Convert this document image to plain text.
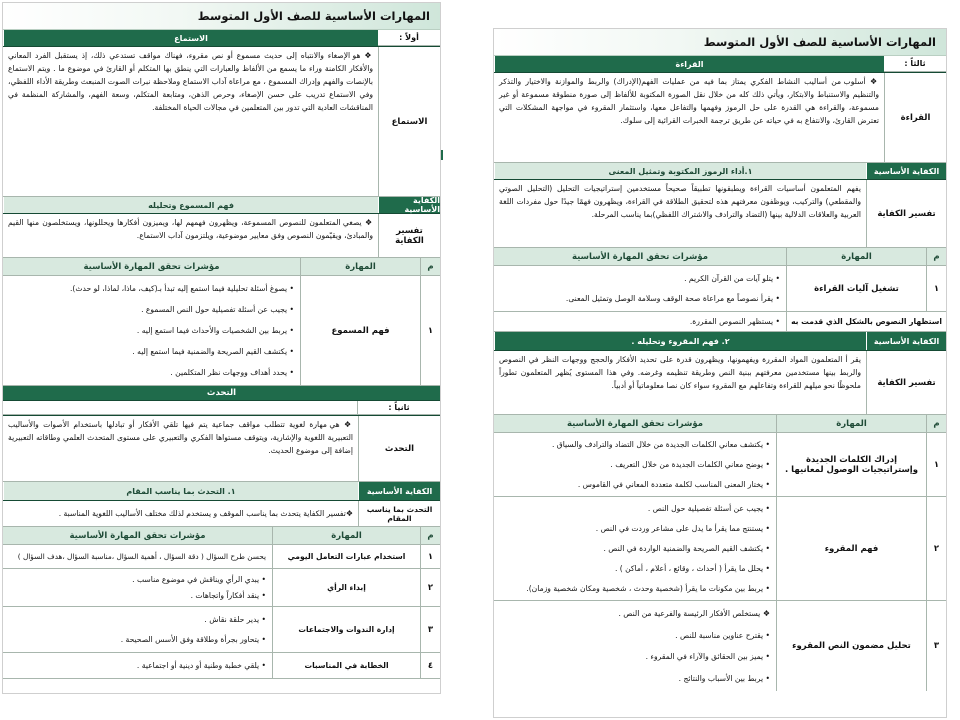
المهارات الأساسية للصف الأول المتوسط
أولاً :
الاستماع
الاستماع
❖ هو الإصغاء والانتباه إلى حديث مسموع أو نص مقروء، فهناك مواقف تستدعي ذلك، إذ يستقبل الفرد المعاني والأفكار الكامنة وراء ما يسمع من الألفاظ والعبارات التي ينطق بها المتكلم أو القارئ في موضوع ما . ويتم الاستماع بالإنصات والفهم وإدراك المسموع ، مع مراعاة آداب الاستماع وملاحظة نبرات الصوت المنبعث وطريقة الأداء اللفظي، وفي الاستماع تدريب على حسن الإصغاء، وحرص الذهن، ومتابعة المتكلم، وسعة الفهم، والمشاركة المنظمة في المناقشات العادية التي تدور بين المتعلمين في مجالات الحياة المختلفة.
الكفاية الأساسية
فهم المسموع وتحليله
تفسير الكفاية
❖ يصغي المتعلمون للنصوص المسموعة، ويظهرون فهمهم لها، ويميزون أفكارها ويحللونها، ويستخلصون منها القيم والمبادئ، ويقيّمون النصوص وفق معايير موضوعية، ويلتزمون آداب الاستماع.
م
المهارة
مؤشرات تحقق المهارة الأساسية
١
فهم المسموع
• يصوغ أسئلة تحليلية فيما استمع إليه تبدأ بـ(كيف، ماذا، لماذا، لو حدث).
• يجيب عن أسئلة تفصيلية حول النص المسموع .
• يربط بين الشخصيات والأحداث فيما استمع إليه .
• يكتشف القيم الصريحة والضمنية فيما استمع إليه .
• يحدد أهداف ووجهات نظر المتكلمين .
التحدث
ثانياً :
التحدث
❖ هي مهارة لغوية تتطلب مواقف جماعية يتم فيها تلقي الأفكار أو تبادلها باستخدام الأصوات والأساليب التعبيرية اللغوية والإشارية، ويتوقف مستواها الفكري والتعبيري على مستوى المتحدث العلمي وطاقاته التعبيرية إضافة إلى موضوع الحديث.
الكفاية الأساسية
١. التحدث بما يناسب المقام
التحدث بما يناسب المقام
❖ تفسير الكفاية يتحدث بما يناسب الموقف و يستخدم لذلك مختلف الأساليب اللغوية المناسبة .
م
المهارة
مؤشرات تحقق المهارة الأساسية
١
استخدام عبارات التعامل اليومي
يحسن طرح السؤال ( دقة السؤال ، أهمية السؤال ،مناسبة السؤال ،هدف السؤال )
٢
إبداء الرأي
• يبدي الرأي ويناقش في موضوع مناسب .
• ينقد أفكاراً واتجاهات .
٣
إدارة الندوات والاجتماعات
• يدير حلقة نقاش .
• يتحاور بجرأة وطلاقة وفق الأسس الصحيحة .
٤
الخطابة في المناسبات
• يلقي خطبة وطنية أو دينية أو اجتماعية .
المهارات الأساسية للصف الأول المتوسط
ثالثاً :
القراءة
القراءة
❖ أسلوب من أساليب النشاط الفكري يمتاز بما فيه من عمليات الفهم(الإدراك) والربط والموازنة والاختيار والتذكر والتنظيم والاستنباط والابتكار، ويأتي ذلك كله من خلال نقل الصورة المكتوبة للألفاظ إلى صورة منطوقة مسموعة أو غير مسموعة، والقراءة هي القدرة على حل الرموز وفهمها والتفاعل معها، واستثمار المقروء في مواجهة المشكلات التي تعترض القارئ، والانتفاع به في حياته عن طريق ترجمة الخبرات القرائية إلى سلوك.
الكفاية الأساسية
١.أداء الرموز المكتوبة وتمثيل المعنى
تفسير الكفاية
يفهم المتعلمون أساسيات القراءة ويطبقونها تطبيقاً صحيحاً مستخدمين إستراتيجيات التحليل (التحليل الصوتي والمقطعي) والتركيب، ويوظفون معرفتهم هذه لتحقيق الطلاقة في القراءة، ويظهرون فهمًا جيدًا حول مفردات اللغة العربية والعلاقات الدلالية بينها (التضاد والترادف والاشتراك اللفظي)بما يناسب المرحلة.
م
المهارة
مؤشرات تحقق المهارة الأساسية
١
تشغيل آليات القراءة
• يتلو آيات من القرآن الكريم .
• يقرأ نصوصاً مع مراعاة صحة الوقف وسلامة الوصل وتمثيل المعنى.
استظهار النصوص بالشكل الذي قدمت به
• يستظهر النصوص المقررة.
الكفاية الأساسية
٢. فهم المقروء وتحليله .
تفسير الكفاية
يقر أ المتعلمون المواد المقررة ويفهمونها، ويظهرون قدرة على تحديد الأفكار والحجج ووجهات النظر في النصوص والربط بينها مستخدمين معرفتهم ببنية النص وطريقة تنظيمه وغرضه. وفي هذا المستوى يُظهر المتعلمون تطوراً ملحوظًا نحو ميلهم للقراءة وتفاعلهم مع المقروء سواء كان نصا معلوماتياً أو أدبياً.
م
المهارة
مؤشرات تحقق المهارة الأساسية
١
إدراك الكلمات الجديدة وإستراتيجيات الوصول لمعانيها .
• يكتشف معاني الكلمات الجديدة من خلال التضاد والترادف والسياق .
• يوضح معاني الكلمات الجديدة من خلال التعريف .
• يختار المعنى المناسب لكلمة متعددة المعاني في القاموس .
٢
فهم المقروء
• يجيب عن أسئلة تفصيلية حول النص .
• يستنتج مما يقرأ ما يدل على مشاعر وردت في النص .
• يكتشف القيم الصريحة والضمنية الواردة في النص .
• يحلل ما يقرأ ( أحداث ، وقائع ، أعلام ، أماكن ) .
• يربط بين مكونات ما يقرأ (شخصية وحدث ، شخصية ومكان شخصية وزمان).
٣
تحليل مضمون النص المقروء
❖ يستخلص الأفكار الرئيسة والفرعية من النص .
• يقترح عناوين مناسبة للنص .
• يميز بين الحقائق والآراء في المقروء .
• يربط بين الأسباب والنتائج .
